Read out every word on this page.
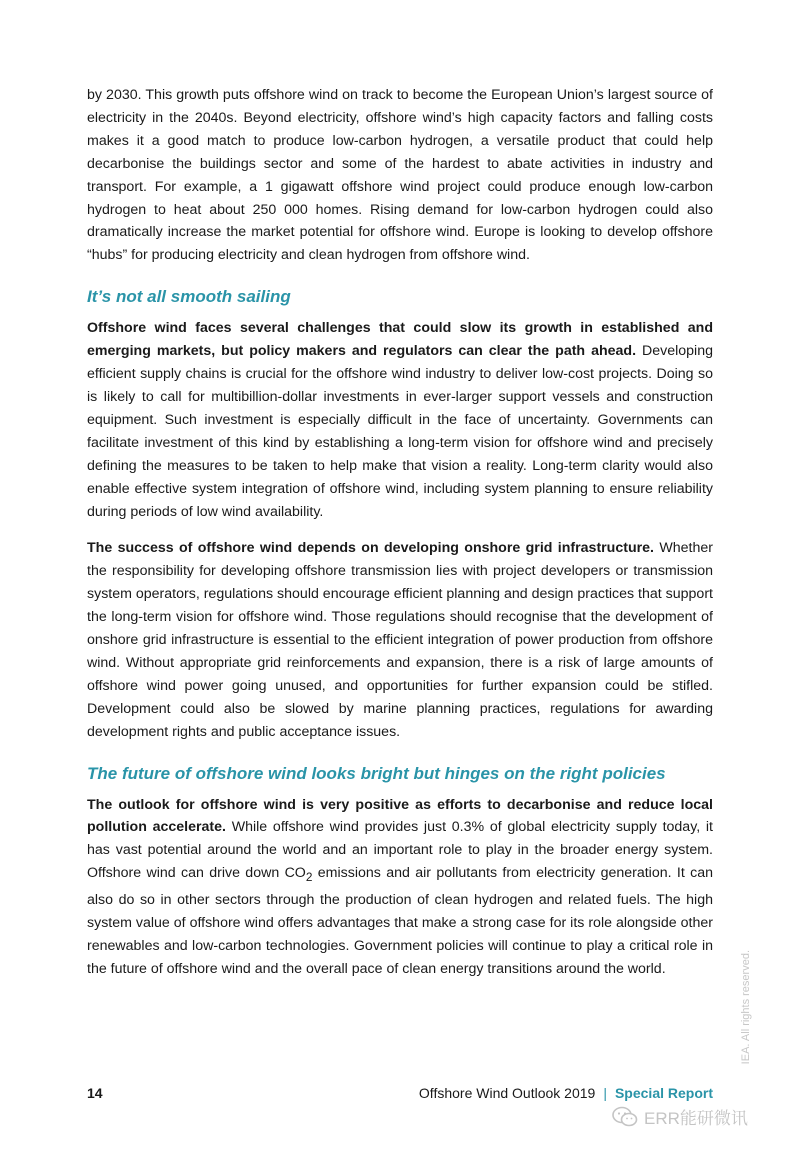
by 2030. This growth puts offshore wind on track to become the European Union’s largest source of electricity in the 2040s. Beyond electricity, offshore wind’s high capacity factors and falling costs makes it a good match to produce low-carbon hydrogen, a versatile product that could help decarbonise the buildings sector and some of the hardest to abate activities in industry and transport. For example, a 1 gigawatt offshore wind project could produce enough low-carbon hydrogen to heat about 250 000 homes. Rising demand for low-carbon hydrogen could also dramatically increase the market potential for offshore wind. Europe is looking to develop offshore “hubs” for producing electricity and clean hydrogen from offshore wind.

It’s not all smooth sailing

Offshore wind faces several challenges that could slow its growth in established and emerging markets, but policy makers and regulators can clear the path ahead. Developing efficient supply chains is crucial for the offshore wind industry to deliver low-cost projects. Doing so is likely to call for multibillion-dollar investments in ever-larger support vessels and construction equipment. Such investment is especially difficult in the face of uncertainty. Governments can facilitate investment of this kind by establishing a long-term vision for offshore wind and precisely defining the measures to be taken to help make that vision a reality. Long-term clarity would also enable effective system integration of offshore wind, including system planning to ensure reliability during periods of low wind availability.

The success of offshore wind depends on developing onshore grid infrastructure. Whether the responsibility for developing offshore transmission lies with project developers or transmission system operators, regulations should encourage efficient planning and design practices that support the long-term vision for offshore wind. Those regulations should recognise that the development of onshore grid infrastructure is essential to the efficient integration of power production from offshore wind. Without appropriate grid reinforcements and expansion, there is a risk of large amounts of offshore wind power going unused, and opportunities for further expansion could be stifled. Development could also be slowed by marine planning practices, regulations for awarding development rights and public acceptance issues.

The future of offshore wind looks bright but hinges on the right policies

The outlook for offshore wind is very positive as efforts to decarbonise and reduce local pollution accelerate. While offshore wind provides just 0.3% of global electricity supply today, it has vast potential around the world and an important role to play in the broader energy system. Offshore wind can drive down $CO_2$ emissions and air pollutants from electricity generation. It can also do so in other sectors through the production of clean hydrogen and related fuels. The high system value of offshore wind offers advantages that make a strong case for its role alongside other renewables and low-carbon technologies. Government policies will continue to play a critical role in the future of offshore wind and the overall pace of clean energy transitions around the world.

14	Offshore Wind Outlook 2019 | Special Report
IEA. All rights reserved.
ERR能研微讯
